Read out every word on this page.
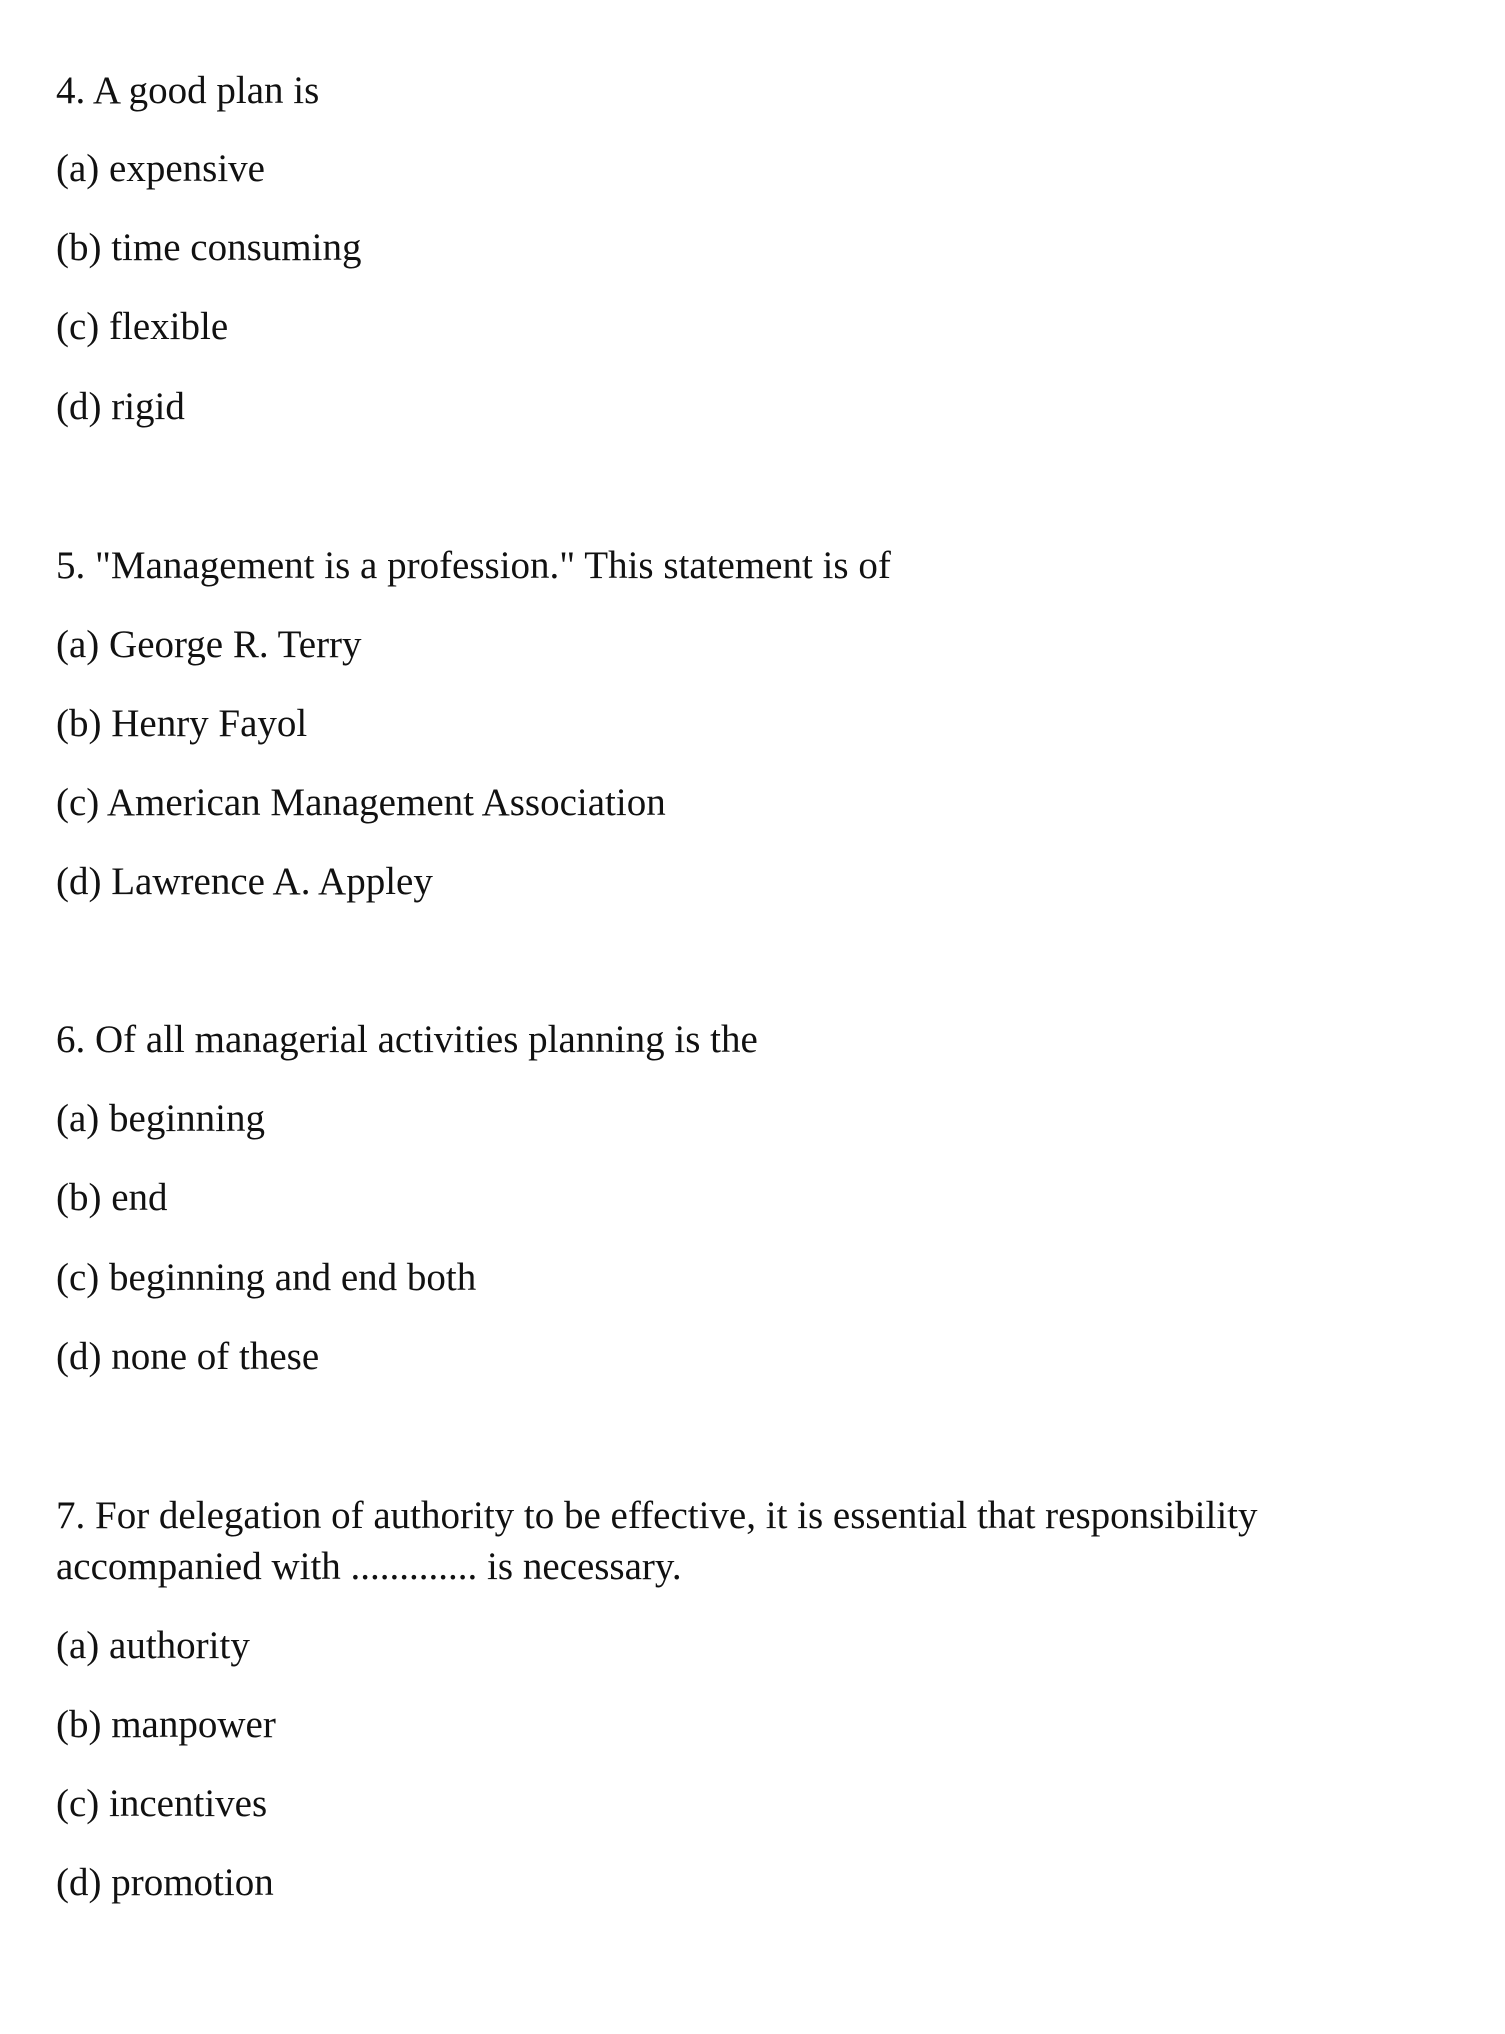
4. A good plan is

(a) expensive

(b) time consuming

(c) flexible

(d) rigid

5. "Management is a profession." This statement is of

(a) George R. Terry

(b) Henry Fayol

(c) American Management Association

(d) Lawrence A. Appley

6. Of all managerial activities planning is the

(a) beginning

(b) end

(c) beginning and end both

(d) none of these

7. For delegation of authority to be effective, it is essential that responsibility

accompanied with ............. is necessary.

(a) authority

(b) manpower

(c) incentives

(d) promotion
